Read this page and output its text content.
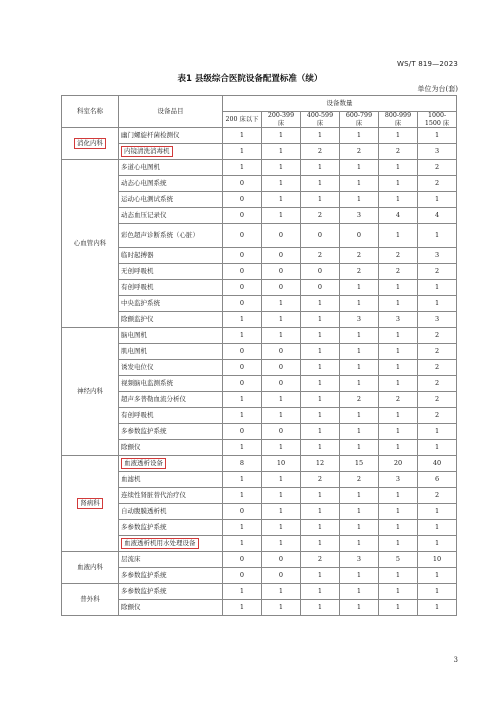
WS/T 819—2023
表1 县级综合医院设备配置标准（续）
单位为台(套)
科室名称	设备品目	设备数量					
		200 床以下	200-399 床	400-599 床	600-799 床	800-999 床	1000-1500 床
消化内科	幽门螺旋杆菌检测仪	1	1	1	1	1	1
	内镜清洗消毒机	1	1	2	2	2	3
心血管内科	多道心电图机	1	1	1	1	1	2
	动态心电图系统	0	1	1	1	1	2
	运动心电测试系统	0	1	1	1	1	1
	动态血压记录仪	0	1	2	3	4	4
	彩色超声诊断系统（心脏）	0	0	0	0	1	1
	临时起搏器	0	0	2	2	2	3
	无创呼吸机	0	0	0	2	2	2
	有创呼吸机	0	0	0	1	1	1
	中央监护系统	0	1	1	1	1	1
	除颤监护仪	1	1	1	3	3	3
神经内科	脑电图机	1	1	1	1	1	2
	肌电图机	0	0	1	1	1	2
	诱发电位仪	0	0	1	1	1	2
	视频脑电监测系统	0	0	1	1	1	2
	超声多普勒血流分析仪	1	1	1	2	2	2
	有创呼吸机	1	1	1	1	1	2
	多参数监护系统	0	0	1	1	1	1
	除颤仪	1	1	1	1	1	1
肾病科	血液透析设备	8	10	12	15	20	40
	血滤机	1	1	2	2	3	6
	连续性肾脏替代治疗仪	1	1	1	1	1	2
	自动腹膜透析机	0	1	1	1	1	1
	多参数监护系统	1	1	1	1	1	1
	血液透析机用水处理设备	1	1	1	1	1	1
血液内科	层流床	0	0	2	3	5	10
	多参数监护系统	0	0	1	1	1	1
普外科	多参数监护系统	1	1	1	1	1	1
	除颤仪	1	1	1	1	1	1
3
